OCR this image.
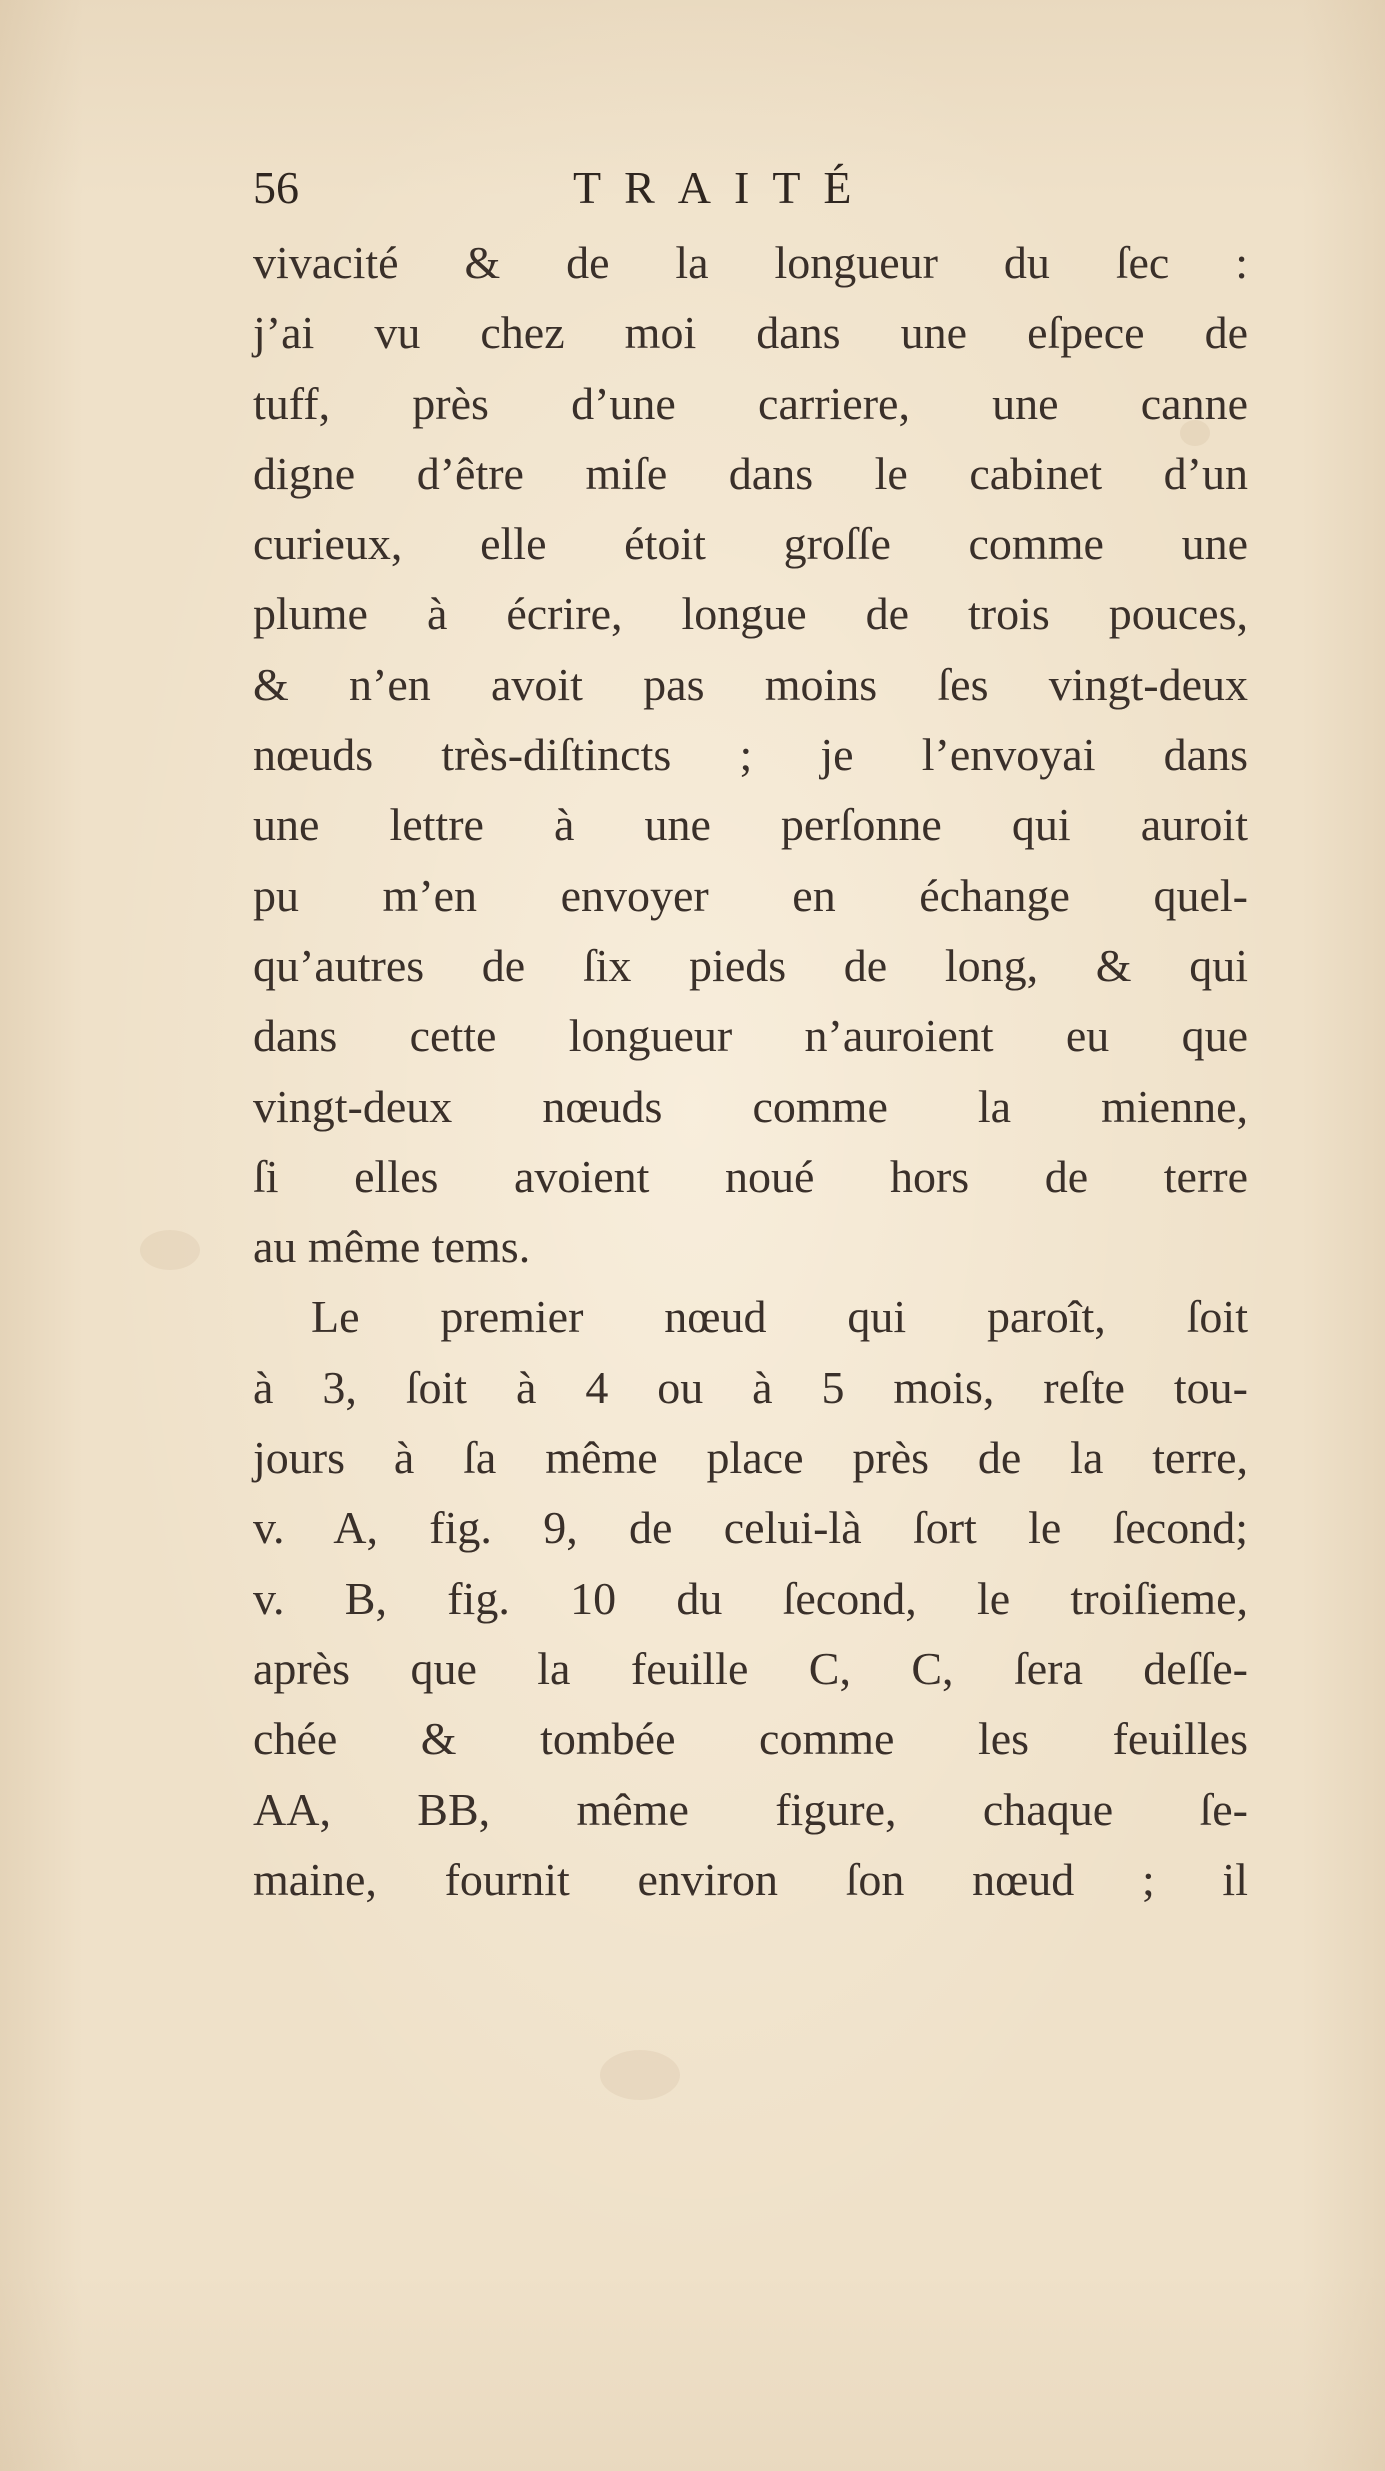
56	TRAITÉ
vivacité & de la longueur du ſec :
j’ai vu chez moi dans une eſpece de
tuff, près d’une carriere, une canne
digne d’être miſe dans le cabinet d’un
curieux, elle étoit groſſe comme une
plume à écrire, longue de trois pouces,
& n’en avoit pas moins ſes vingt-deux
nœuds très-diſtincts ; je l’envoyai dans
une lettre à une perſonne qui auroit
pu m’en envoyer en échange quel-
qu’autres de ſix pieds de long, & qui
dans cette longueur n’auroient eu que
vingt-deux nœuds comme la mienne,
ſi elles avoient noué hors de terre
au même tems.
Le premier nœud qui paroît, ſoit
à 3, ſoit à 4 ou à 5 mois, reſte tou-
jours à ſa même place près de la terre,
v. A, fig. 9, de celui-là ſort le ſecond;
v. B, fig. 10 du ſecond, le troiſieme,
après que la feuille C, C, ſera deſſe-
chée & tombée comme les feuilles
AA, BB, même figure, chaque ſe-
maine, fournit environ ſon nœud ; il
